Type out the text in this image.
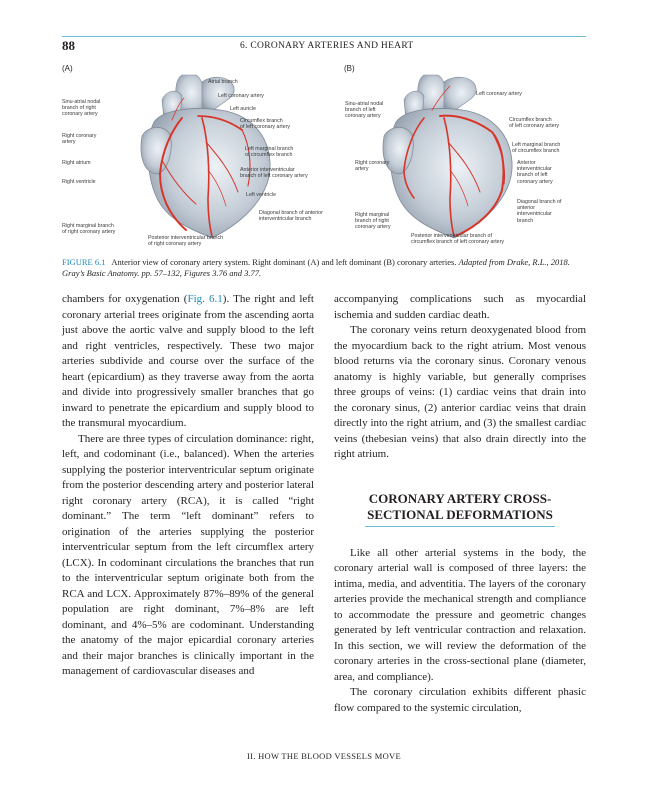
88	6. CORONARY ARTERIES AND HEART
(A)
Atrial branch
Left coronary artery
Sinu-atrial nodal
branch of right
coronary artery
Left auricle
Circumflex branch
of left coronary artery
Right coronary
artery
Left marginal branch
of circumflex branch
Right atrium
Anterior interventricular
branch of left coronary artery
Right ventricle
Left ventricle
Diagonal branch of anterior
interventricular branch
Right marginal branch
of right coronary artery
Posterior interventricular branch
of right coronary artery
(B)
Left coronary artery
Sinu-atrial nodal
branch of left
coronary artery
Circumflex branch
of left coronary artery
Left marginal branch
of circumflex branch
Right coronary
artery
Anterior
interventricular
branch of left
coronary artery
Diagonal branch of
anterior
interventricular
branch
Right marginal
branch of right
coronary artery
Posterior interventricular branch of
circumflex branch of left coronary artery
FIGURE 6.1 Anterior view of coronary artery system. Right dominant (A) and left dominant (B) coronary arteries. Adapted from Drake, R.L., 2018. Gray’s Basic Anatomy. pp. 57–132, Figures 3.76 and 3.77.

chambers for oxygenation (Fig. 6.1). The right and left coronary arterial trees originate from the ascending aorta just above the aortic valve and supply blood to the left and right ventricles, respectively. These two major arteries subdivide and course over the surface of the heart (epicardium) as they traverse away from the aorta and divide into progressively smaller branches that go inward to penetrate the epicardium and supply blood to the transmural myocardium.

There are three types of circulation dominance: right, left, and codominant (i.e., balanced). When the arteries supplying the posterior interventricular septum originate from the posterior descending artery and posterior lateral right coronary artery (RCA), it is called “right dominant.” The term “left dominant” refers to origination of the arteries supplying the posterior interventricular septum from the left circumflex artery (LCX). In codominant circulations the branches that run to the interventricular septum originate both from the RCA and LCX. Approximately 87%–89% of the general population are right dominant, 7%–8% are left dominant, and 4%–5% are codominant. Understanding the anatomy of the major epicardial coronary arteries and their major branches is clinically important in the management of cardiovascular diseases and

accompanying complications such as myocardial ischemia and sudden cardiac death.

The coronary veins return deoxygenated blood from the myocardium back to the right atrium. Most venous blood returns via the coronary sinus. Coronary venous anatomy is highly variable, but generally comprises three groups of veins: (1) cardiac veins that drain into the coronary sinus, (2) anterior cardiac veins that drain directly into the right atrium, and (3) the smallest cardiac veins (thebesian veins) that also drain directly into the right atrium.

CORONARY ARTERY CROSS-
SECTIONAL DEFORMATIONS

Like all other arterial systems in the body, the coronary arterial wall is composed of three layers: the intima, media, and adventitia. The layers of the coronary arteries provide the mechanical strength and compliance to accommodate the pressure and geometric changes generated by left ventricular contraction and relaxation. In this section, we will review the deformation of the coronary arteries in the cross-sectional plane (diameter, area, and compliance).

The coronary circulation exhibits different phasic flow compared to the systemic circulation,

II. HOW THE BLOOD VESSELS MOVE
